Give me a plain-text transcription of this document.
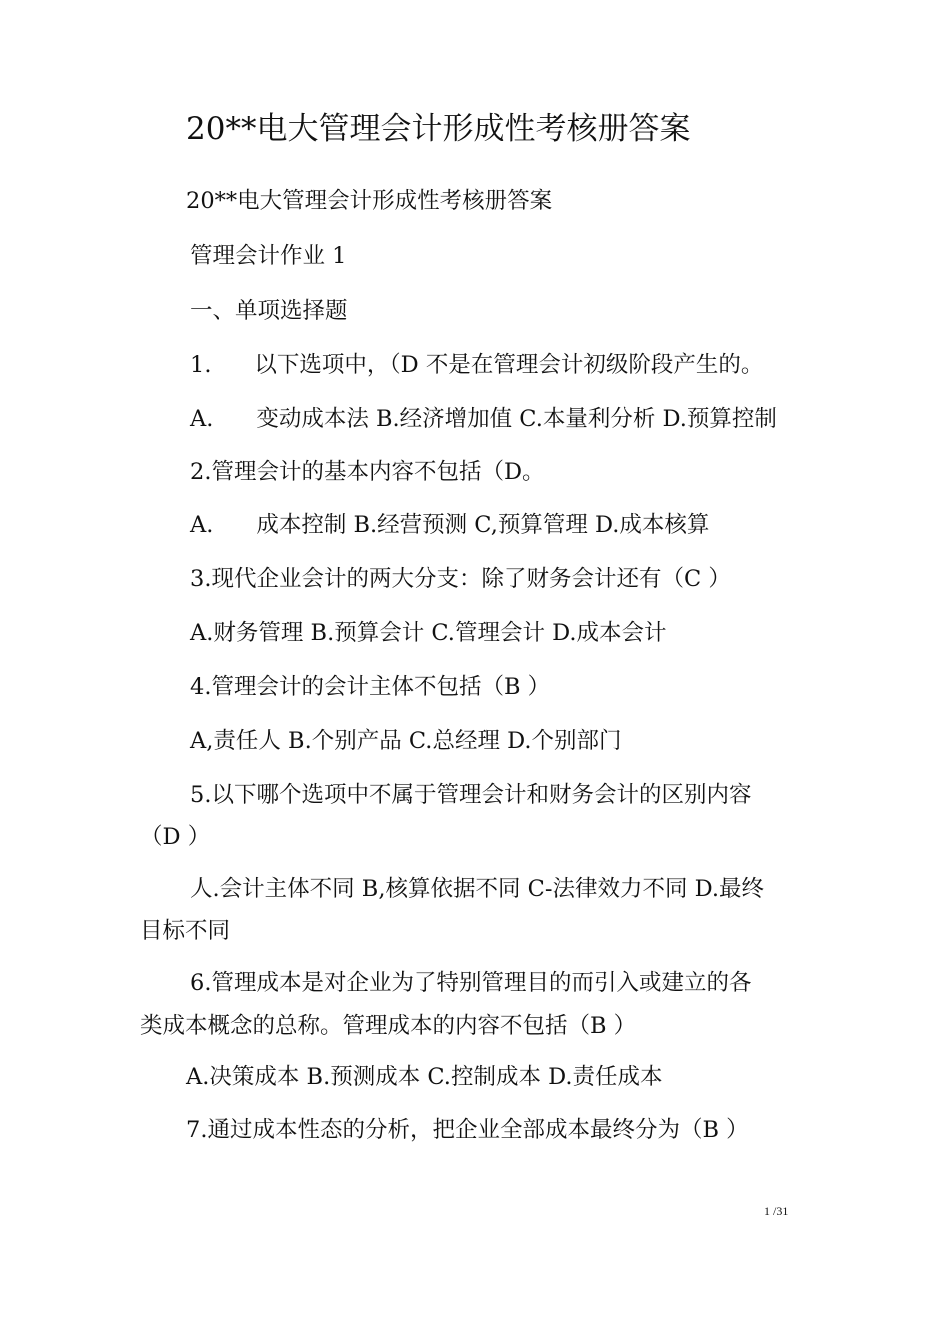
20**电大管理会计形成性考核册答案
20**电大管理会计形成性考核册答案
管理会计作业 1
一、单项选择题
1.      以下选项中，（D 不是在管理会计初级阶段产生的。
A.      变动成本法 B.经济增加值 C.本量利分析 D.预算控制
2.管理会计的基本内容不包括（D。
A.      成本控制 B.经营预测 C,预算管理 D.成本核算
3.现代企业会计的两大分支：除了财务会计还有（C ）
A.财务管理 B.预算会计 C.管理会计 D.成本会计
4.管理会计的会计主体不包括（B ）
A,责任人 B.个别产品 C.总经理 D.个别部门
5.以下哪个选项中不属于管理会计和财务会计的区别内容
（D ）
人.会计主体不同 B,核算依据不同 C-法律效力不同 D.最终
目标不同
6.管理成本是对企业为了特别管理目的而引入或建立的各
类成本概念的总称。管理成本的内容不包括（B ）
A.决策成本 B.预测成本 C.控制成本 D.责任成本
7.通过成本性态的分析，把企业全部成本最终分为（B ）
1 /31
